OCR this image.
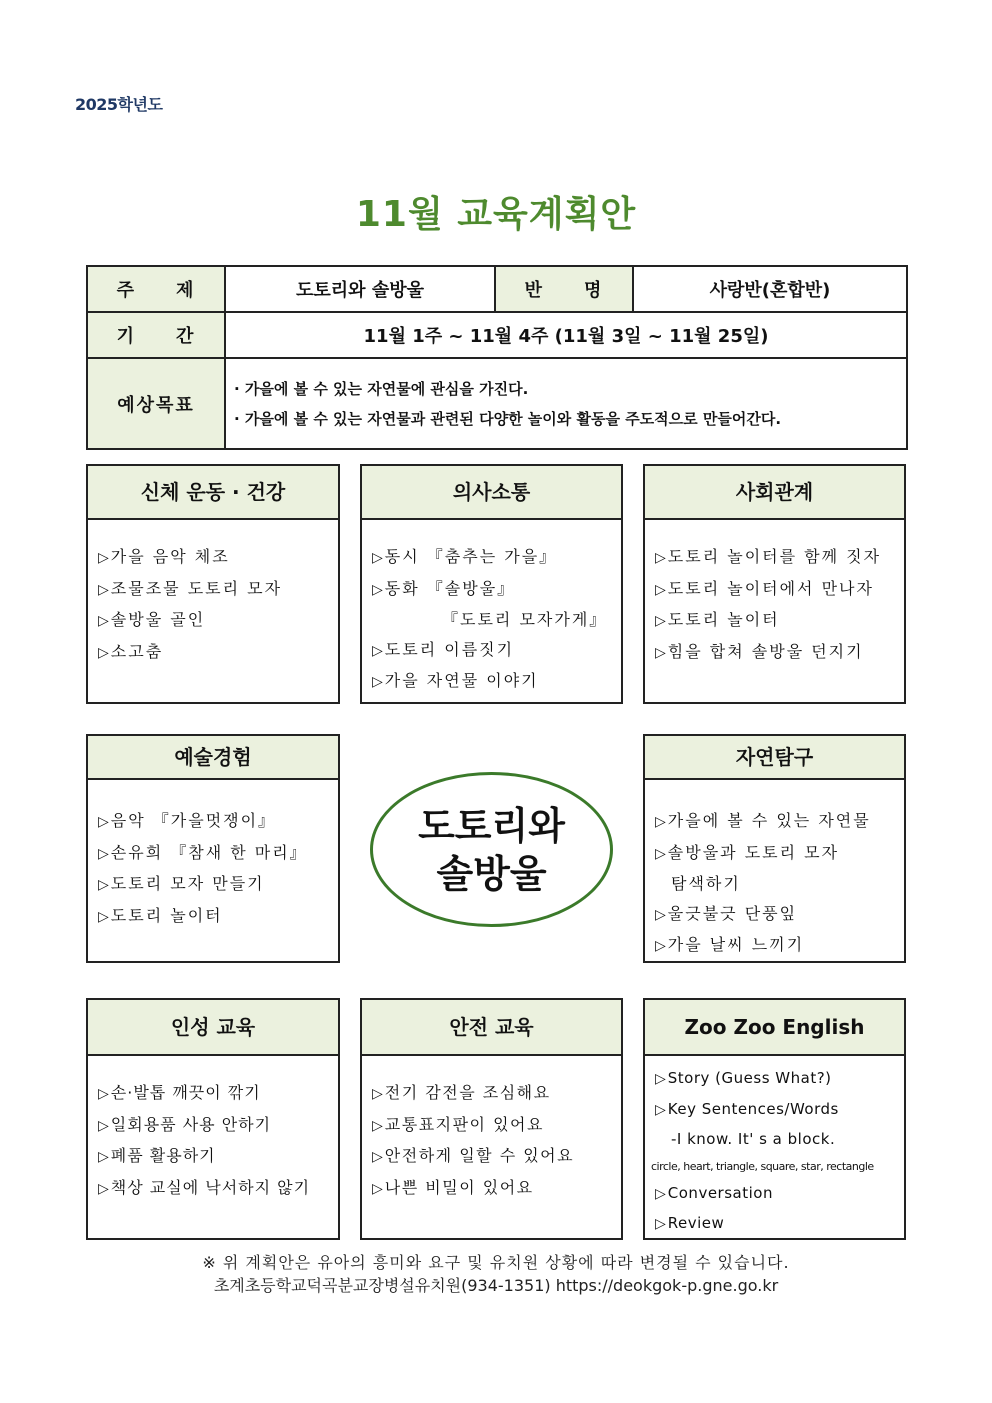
2025학년도
11월 교육계획안
주　　제	도토리와 솔방울	반　　명	사랑반(혼합반)
기　　간	11월 1주 ~ 11월 4주 (11월 3일 ~ 11월 25일)		
예상목표	· 가을에 볼 수 있는 자연물에 관심을 가진다.
· 가을에 볼 수 있는 자연물과 관련된 다양한 놀이와 활동을 주도적으로 만들어간다.		
신체 운동 · 건강
▷ 가을 음악 체조
▷ 조물조물 도토리 모자
▷ 솔방울 골인
▷ 소고춤
의사소통
▷ 동시 『춤추는 가을』
▷ 동화 『솔방울』
『도토리 모자가게』
▷ 도토리 이름짓기
▷ 가을 자연물 이야기
사회관계
▷ 도토리 놀이터를 함께 짓자
▷ 도토리 놀이터에서 만나자
▷ 도토리 놀이터
▷ 힘을 합쳐 솔방울 던지기
예술경험
▷ 음악 『가을멋쟁이』
▷ 손유희 『참새 한 마리』
▷ 도토리 모자 만들기
▷ 도토리 놀이터
도토리와
솔방울
자연탐구
▷ 가을에 볼 수 있는 자연물
▷ 솔방울과 도토리 모자
탐색하기
▷ 울긋불긋 단풍잎
▷ 가을 날씨 느끼기
인성 교육
▷ 손·발톱 깨끗이 깎기
▷ 일회용품 사용 안하기
▷ 폐품 활용하기
▷ 책상 교실에 낙서하지 않기
안전 교육
▷ 전기 감전을 조심해요
▷ 교통표지판이 있어요
▷ 안전하게 일할 수 있어요
▷ 나쁜 비밀이 있어요
Zoo Zoo English
▷ Story (Guess What?)
▷ Key Sentences/Words
-I know. It' s a block.
circle, heart, triangle, square, star, rectangle
▷ Conversation
▷ Review
※ 위 계획안은 유아의 흥미와 요구 및 유치원 상황에 따라 변경될 수 있습니다.
초계초등학교덕곡분교장병설유치원(934-1351) https://deokgok-p.gne.go.kr
